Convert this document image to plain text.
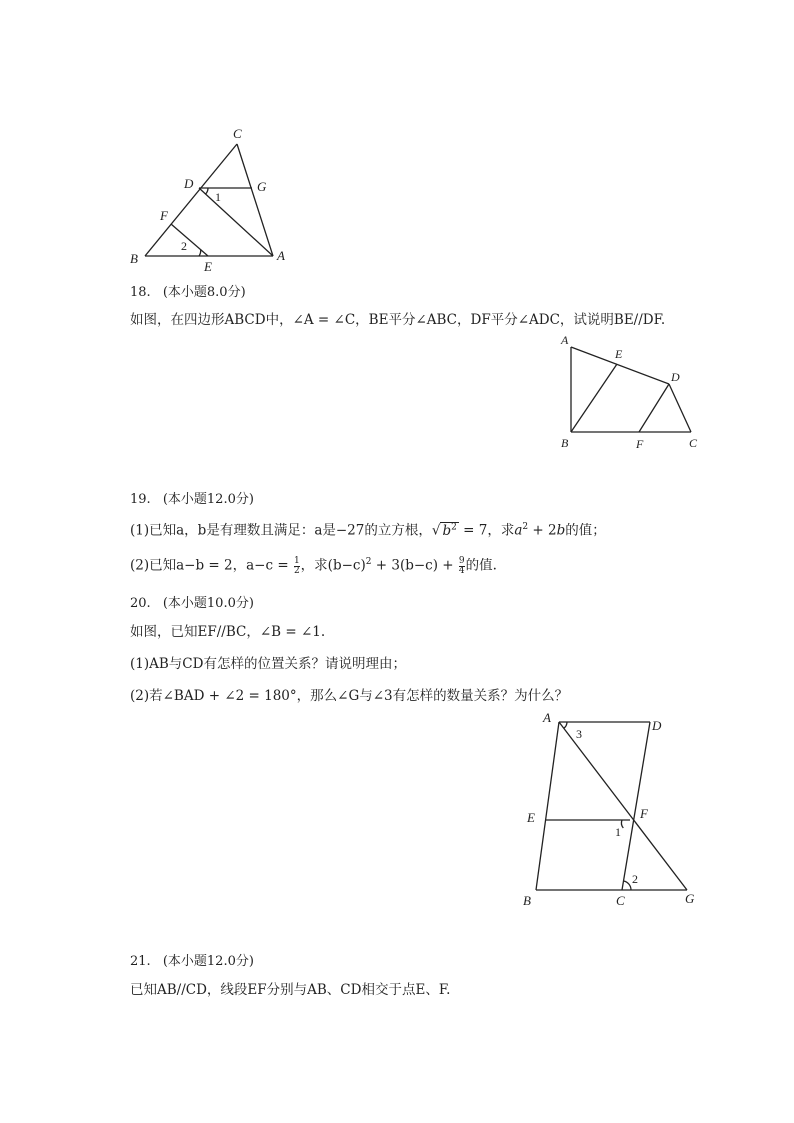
C
D	G
F
B
E
A
1
2
18. (本小题8.0分)
如图，在四边形ABCD中，∠A = ∠C，BE平分∠ABC，DF平分∠ADC，试说明BE//DF.
A
E
D
B	F	C
19. (本小题12.0分)
(1)已知a，b是有理数且满足：a是−27的立方根，√ $b^2 = 7$，求$a^2 + 2b$的值；
(2)已知a−b = 2，$a-c = \frac{1}{2}$ ，求$(b-c)^2 + 3(b-c) + \frac{9}{4}$ 的值.
20. (本小题10.0分)
如图，已知EF//BC，∠B = ∠1.
(1)AB与CD有怎样的位置关系？请说明理由；
(2)若∠BAD + ∠2 = 180°，那么∠G与∠3有怎样的数量关系？为什么？
A
D
3
E	F
1
2
B	C	G
21. (本小题12.0分)
已知AB//CD，线段EF分别与AB、CD相交于点E、F.
